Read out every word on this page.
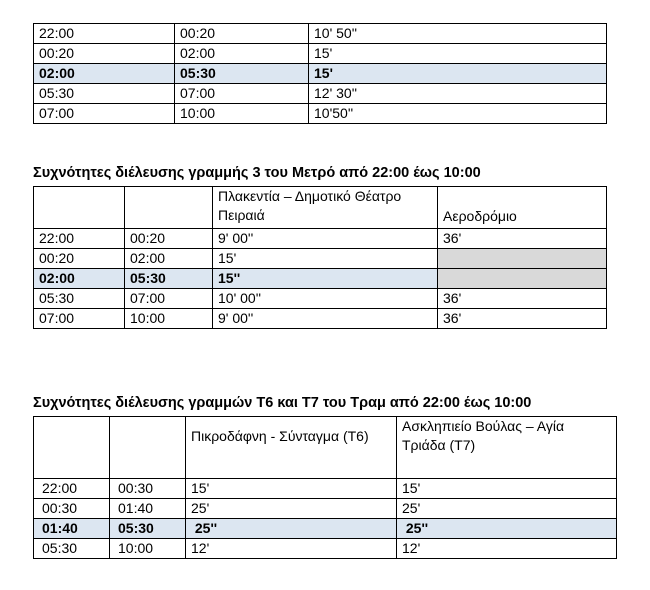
22:00	00:20	10' 50''
00:20	02:00	15'
02:00	05:30	15'
05:30	07:00	12' 30''
07:00	10:00	10'50''
Συχνότητες διέλευσης γραμμής 3 του Μετρό από 22:00 έως 10:00
		Πλακεντία – Δημοτικό Θέατρο Πειραιά	Αεροδρόμιο
22:00	00:20	9' 00''	36'
00:20	02:00	15'	
02:00	05:30	15''	
05:30	07:00	10' 00''	36'
07:00	10:00	9' 00''	36'
Συχνότητες διέλευσης γραμμών Τ6 και Τ7 του Τραμ από 22:00 έως 10:00
		Πικροδάφνη - Σύνταγμα (Τ6)	Ασκληπιείο Βούλας – Αγία Τριάδα (Τ7)
22:00	00:30	15'	15'
00:30	01:40	25'	25'
01:40	05:30	25''	25''
05:30	10:00	12'	12'
